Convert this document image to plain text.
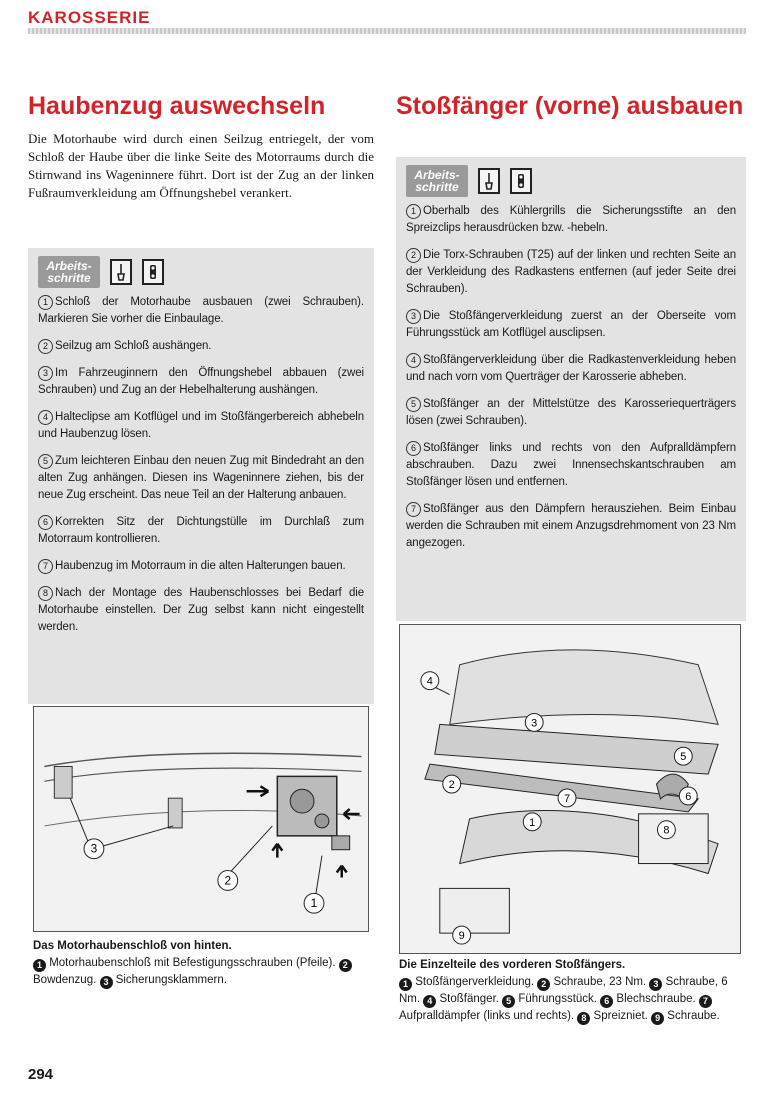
KAROSSERIE
Haubenzug auswechseln

Die Motorhaube wird durch einen Seilzug entriegelt, der vom Schloß der Haube über die linke Seite des Motorraums durch die Stirnwand ins Wageninnere führt. Dort ist der Zug an der linken Fußraumverkleidung am Öffnungshebel verankert.

Arbeits-
schritte

1 Schloß der Motorhaube ausbauen (zwei Schrauben). Markieren Sie vorher die Einbaulage.

2 Seilzug am Schloß aushängen.

3 Im Fahrzeuginnern den Öffnungshebel abbauen (zwei Schrauben) und Zug an der Hebelhalterung aushängen.

4 Halteclipse am Kotflügel und im Stoßfängerbereich abhebeln und Haubenzug lösen.

5 Zum leichteren Einbau den neuen Zug mit Bindedraht an den alten Zug anhängen. Diesen ins Wageninnere ziehen, bis der neue Zug erscheint. Das neue Teil an der Halterung anbauen.

6 Korrekten Sitz der Dichtungstülle im Durchlaß zum Motorraum kontrollieren.

7 Haubenzug im Motorraum in die alten Halterungen bauen.

8 Nach der Montage des Haubenschlosses bei Bedarf die Motorhaube einstellen. Der Zug selbst kann nicht eingestellt werden.

3
2
1
Das Motorhaubenschloß von hinten.
1 Motorhaubenschloß mit Befestigungsschrauben (Pfeile). 2 Bowdenzug. 3 Sicherungsklammern.
Stoßfänger (vorne) ausbauen
Arbeits-
schritte

1 Oberhalb des Kühlergrills die Sicherungsstifte an den Spreizclips herausdrücken bzw. -hebeln.

2 Die Torx-Schrauben (T25) auf der linken und rechten Seite an der Verkleidung des Radkastens entfernen (auf jeder Seite drei Schrauben).

3 Die Stoßfängerverkleidung zuerst an der Oberseite vom Führungsstück am Kotflügel ausclipsen.

4 Stoßfängerverkleidung über die Radkastenverkleidung heben und nach vorn vom Querträger der Karosserie abheben.

5 Stoßfänger an der Mittelstütze des Karosseriequerträgers lösen (zwei Schrauben).

6 Stoßfänger links und rechts von den Aufpralldämpfern abschrauben. Dazu zwei Innensechskantschrauben am Stoßfänger lösen und entfernen.

7 Stoßfänger aus den Dämpfern herausziehen. Beim Einbau werden die Schrauben mit einem Anzugsdrehmoment von 23 Nm angezogen.

4
3
2
5
6
7
1
8
9
Die Einzelteile des vorderen Stoßfängers.
1 Stoßfängerverkleidung. 2 Schraube, 23 Nm. 3 Schraube, 6 Nm. 4 Stoßfänger. 5 Führungsstück. 6 Blechschraube. 7 Aufpralldämpfer (links und rechts). 8 Spreizniet. 9 Schraube.
294
